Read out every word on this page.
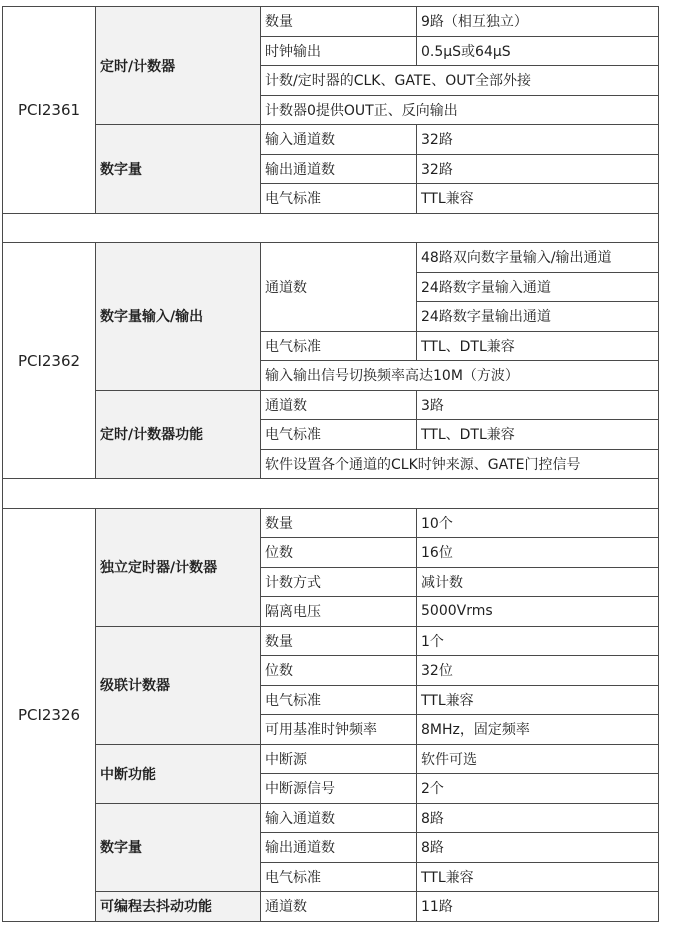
PCI2361	定时/计数器	数量	9路（相互独立）
		时钟输出	0.5μS或64μS
		计数/定时器的CLK、GATE、OUT全部外接	
		计数器0提供OUT正、反向输出	
	数字量	输入通道数	32路
		输出通道数	32路
		电气标准	TTL兼容

PCI2362	数字量输入/输出	通道数	48路双向数字量输入/输出通道
			24路数字量输入通道
			24路数字量输出通道
		电气标准	TTL、DTL兼容
		输入输出信号切换频率高达10M（方波）	
	定时/计数器功能	通道数	3路
		电气标准	TTL、DTL兼容
		软件设置各个通道的CLK时钟来源、GATE门控信号	

PCI2326	独立定时器/计数器	数量	10个
		位数	16位
		计数方式	减计数
		隔离电压	5000Vrms
	级联计数器	数量	1个
		位数	32位
		电气标准	TTL兼容
		可用基准时钟频率	8MHz，固定频率
	中断功能	中断源	软件可选
		中断源信号	2个
	数字量	输入通道数	8路
		输出通道数	8路
		电气标准	TTL兼容
	可编程去抖动功能	通道数	11路
